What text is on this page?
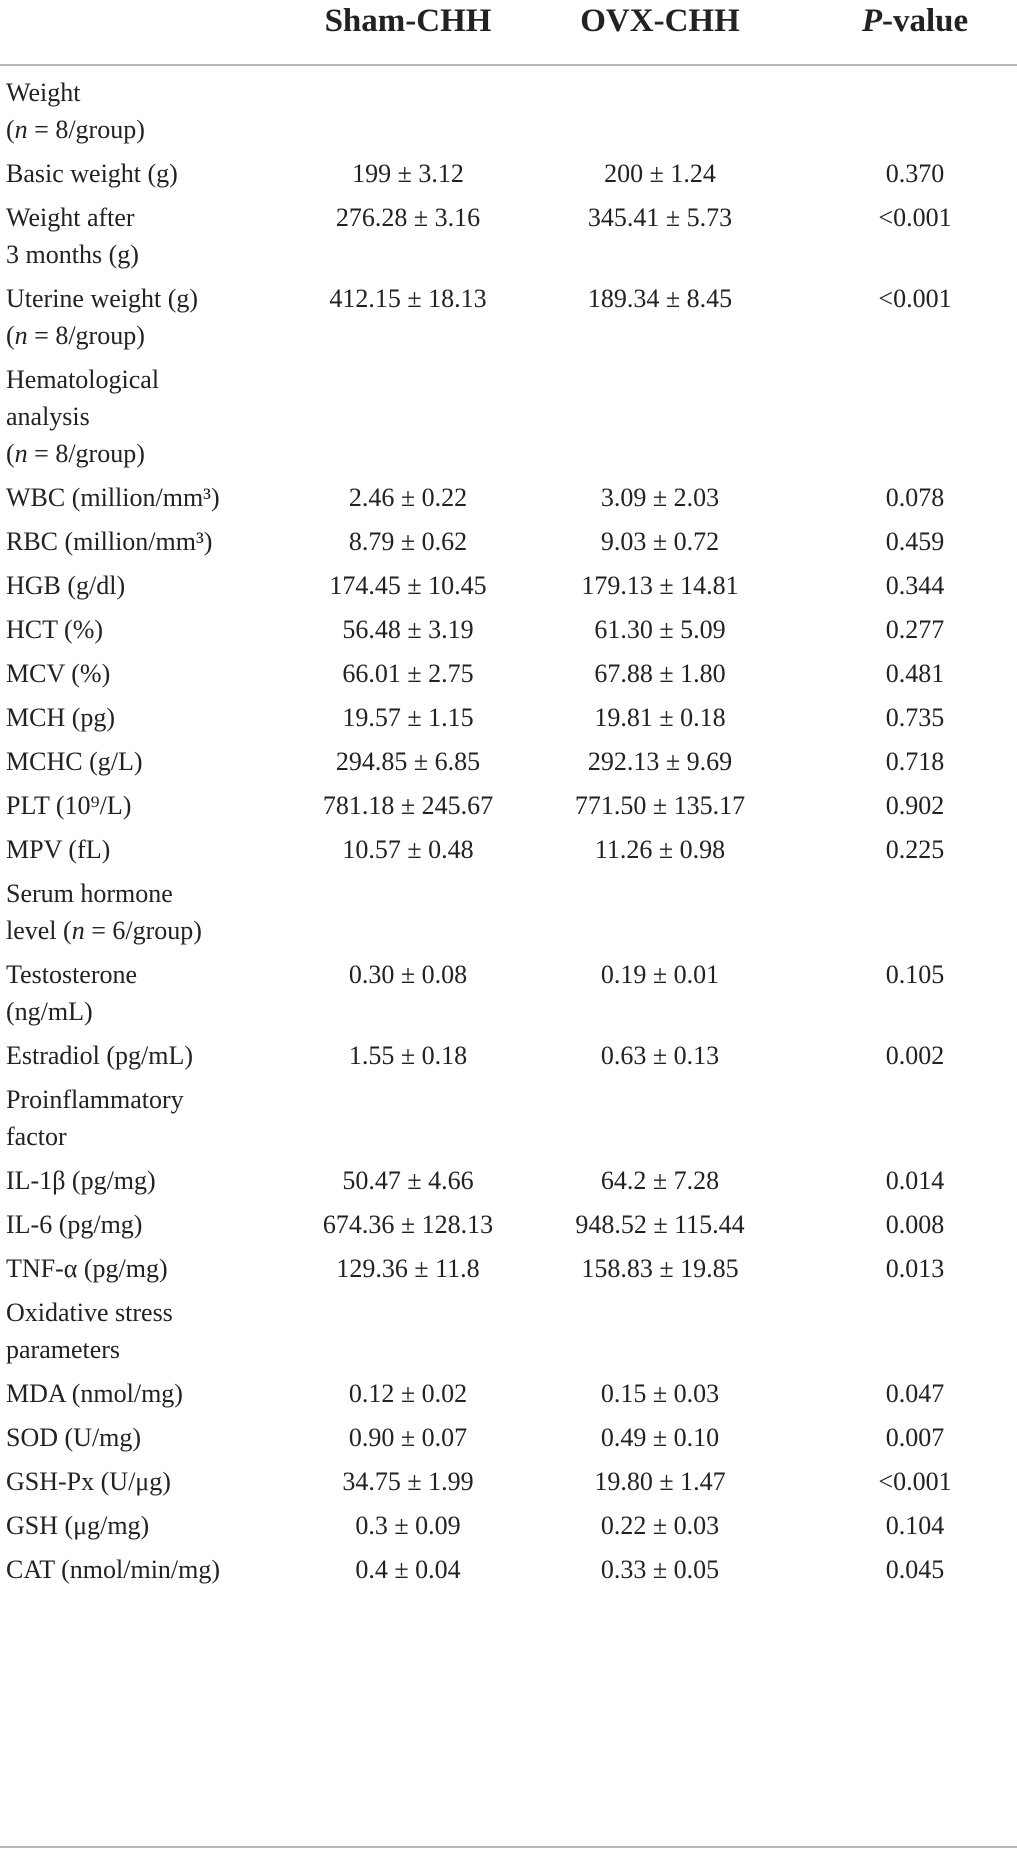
Sham-CHH	OVX-CHH	P-value
Weight
(n = 8/group)
Basic weight (g)	199 ± 3.12	200 ± 1.24	0.370
Weight after
3 months (g)
276.28 ± 3.16	345.41 ± 5.73	<0.001
Uterine weight (g)
(n = 8/group)
412.15 ± 18.13	189.34 ± 8.45	<0.001
Hematological
analysis
(n = 8/group)
WBC (million/mm³)	2.46 ± 0.22	3.09 ± 2.03	0.078
RBC (million/mm³)	8.79 ± 0.62	9.03 ± 0.72	0.459
HGB (g/dl)	174.45 ± 10.45	179.13 ± 14.81	0.344
HCT (%)	56.48 ± 3.19	61.30 ± 5.09	0.277
MCV (%)	66.01 ± 2.75	67.88 ± 1.80	0.481
MCH (pg)	19.57 ± 1.15	19.81 ± 0.18	0.735
MCHC (g/L)	294.85 ± 6.85	292.13 ± 9.69	0.718
PLT (10⁹/L)	781.18 ± 245.67	771.50 ± 135.17	0.902
MPV (fL)	10.57 ± 0.48	11.26 ± 0.98	0.225
Serum hormone
level (n = 6/group)
Testosterone
(ng/mL)
0.30 ± 0.08	0.19 ± 0.01	0.105
Estradiol (pg/mL)	1.55 ± 0.18	0.63 ± 0.13	0.002
Proinflammatory
factor
IL-1β (pg/mg)	50.47 ± 4.66	64.2 ± 7.28	0.014
IL-6 (pg/mg)	674.36 ± 128.13	948.52 ± 115.44	0.008
TNF-α (pg/mg)	129.36 ± 11.8	158.83 ± 19.85	0.013
Oxidative stress
parameters
MDA (nmol/mg)	0.12 ± 0.02	0.15 ± 0.03	0.047
SOD (U/mg)	0.90 ± 0.07	0.49 ± 0.10	0.007
GSH-Px (U/μg)	34.75 ± 1.99	19.80 ± 1.47	<0.001
GSH (μg/mg)	0.3 ± 0.09	0.22 ± 0.03	0.104
CAT (nmol/min/mg)	0.4 ± 0.04	0.33 ± 0.05	0.045
